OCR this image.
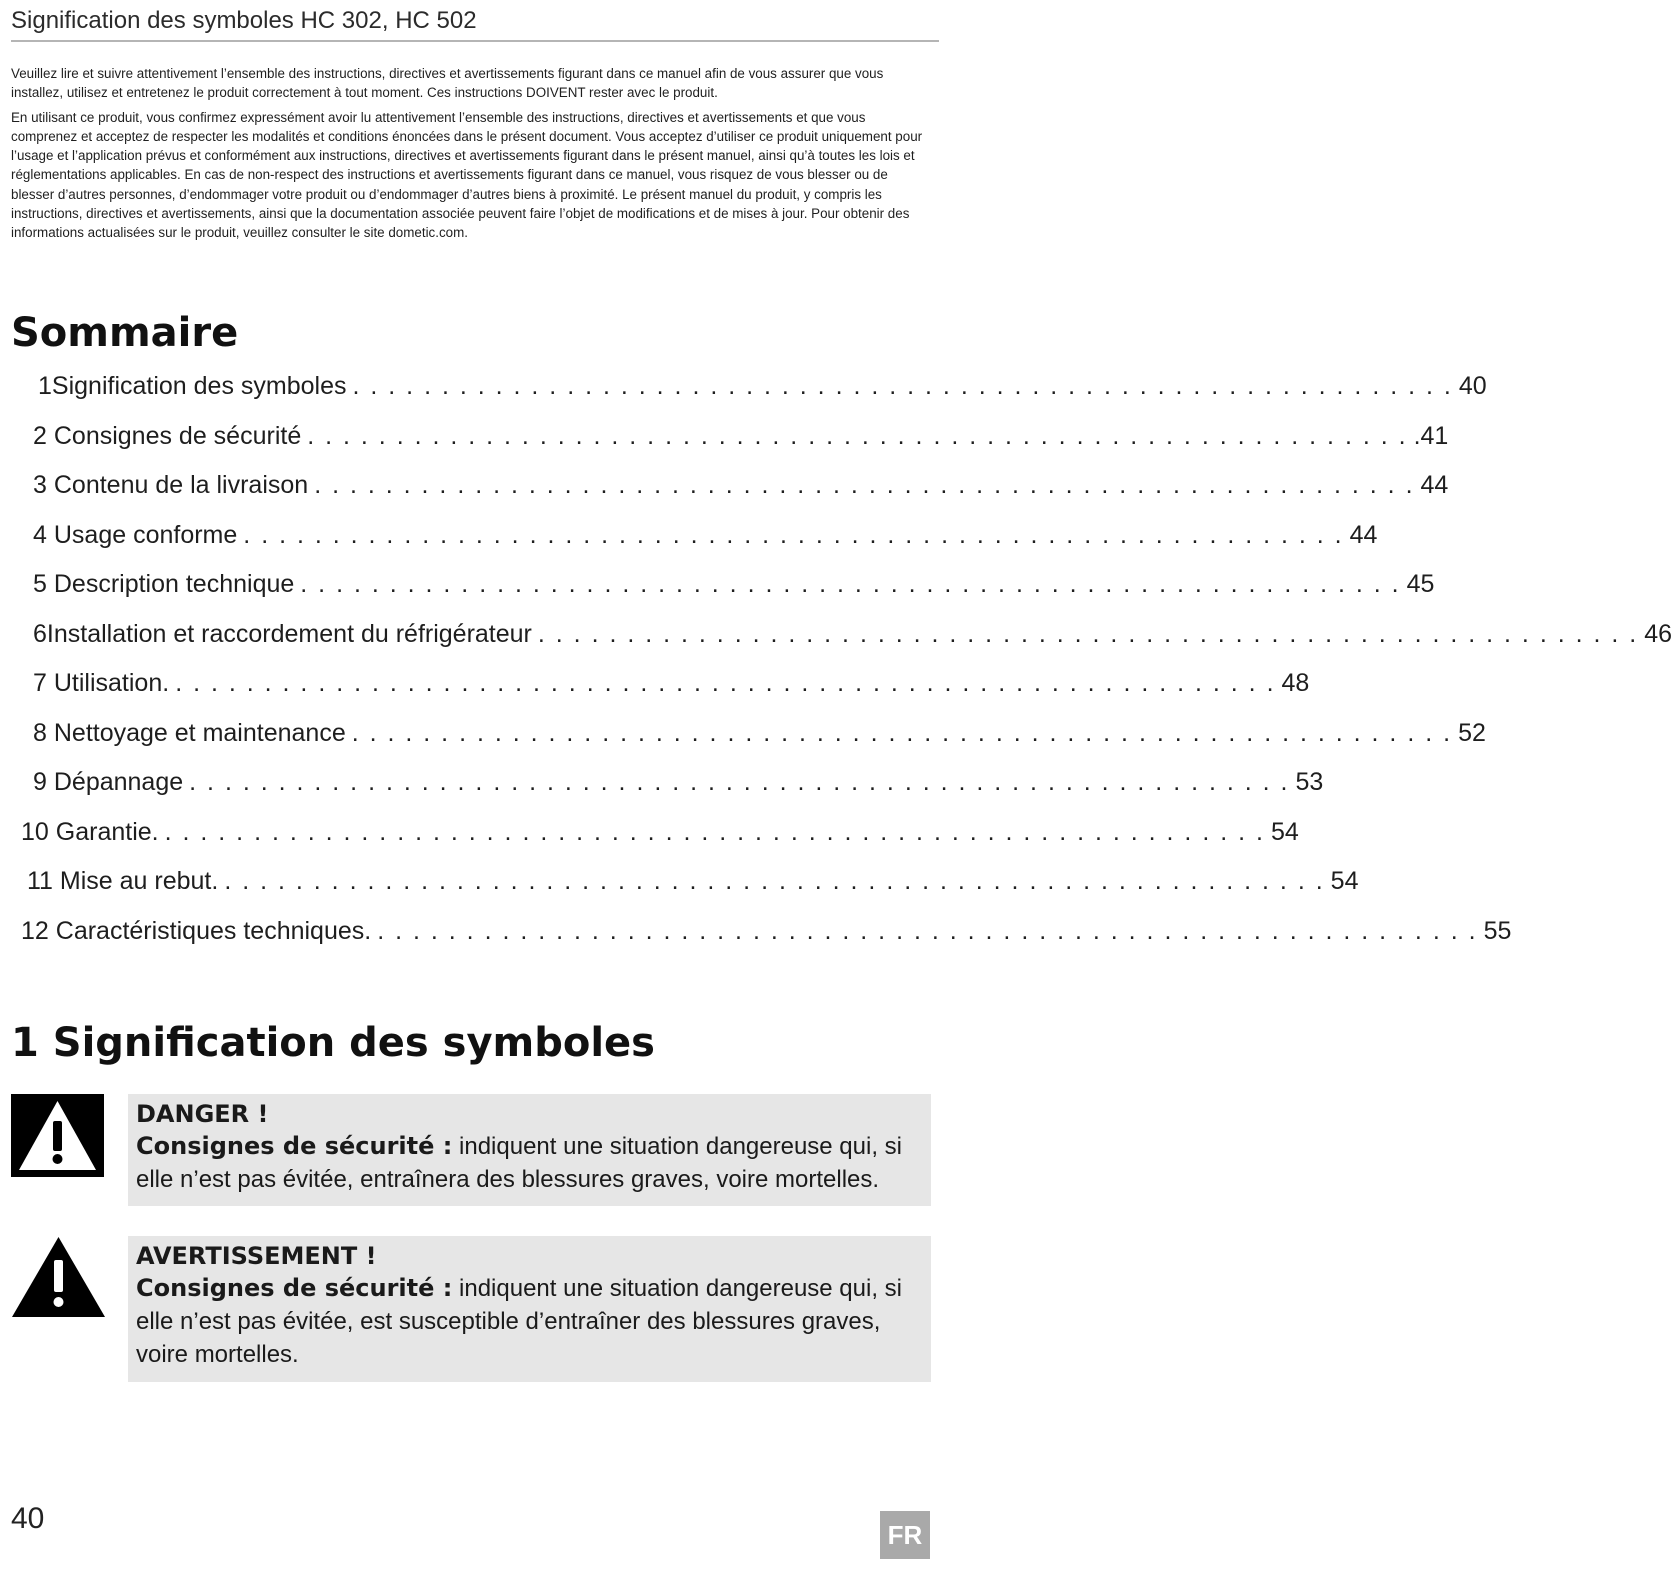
Signification des symboles HC 302, HC 502

Veuillez lire et suivre attentivement l’ensemble des instructions, directives et avertissements figurant dans ce manuel afin de vous assurer que vous installez, utilisez et entretenez le produit correctement à tout moment. Ces instructions DOIVENT rester avec le produit.

En utilisant ce produit, vous confirmez expressément avoir lu attentivement l’ensemble des instructions, directives et avertissements et que vous comprenez et acceptez de respecter les modalités et conditions énoncées dans le présent document. Vous acceptez d’utiliser ce produit uniquement pour l’usage et l’application prévus et conformément aux instructions, directives et avertissements figurant dans le présent manuel, ainsi qu’à toutes les lois et réglementations applicables. En cas de non-respect des instructions et avertissements figurant dans ce manuel, vous risquez de vous blesser ou de blesser d’autres personnes, d’endommager votre produit ou d’endommager d’autres biens à proximité. Le présent manuel du produit, y compris les instructions, directives et avertissements, ainsi que la documentation associée peuvent faire l’objet de modifications et de mises à jour. Pour obtenir des informations actualisées sur le produit, veuillez consulter le site dometic.com.

Sommaire
1 Signification des symboles . . . . . . . . . . . . . . . . . . . . . . . . . . . . . . . . . . . . . . . . . . . . . . . . . . . . . . . . . . . . . . 40
2
Consignes de sécurité . . . . . . . . . . . . . . . . . . . . . . . . . . . . . . . . . . . . . . . . . . . . . . . . . . . . . . . . . . . . . . .41
3
Contenu de la livraison . . . . . . . . . . . . . . . . . . . . . . . . . . . . . . . . . . . . . . . . . . . . . . . . . . . . . . . . . . . . . . 44
4
Usage conforme . . . . . . . . . . . . . . . . . . . . . . . . . . . . . . . . . . . . . . . . . . . . . . . . . . . . . . . . . . . . . . 44
5
Description technique . . . . . . . . . . . . . . . . . . . . . . . . . . . . . . . . . . . . . . . . . . . . . . . . . . . . . . . . . . . . . . 45
6 Installation et raccordement du réfrigérateur . . . . . . . . . . . . . . . . . . . . . . . . . . . . . . . . . . . . . . . . . . . . . . . . . . . . . . . . . . . . . . 46
7
Utilisation. . . . . . . . . . . . . . . . . . . . . . . . . . . . . . . . . . . . . . . . . . . . . . . . . . . . . . . . . . . . . . . 48
8
Nettoyage et maintenance . . . . . . . . . . . . . . . . . . . . . . . . . . . . . . . . . . . . . . . . . . . . . . . . . . . . . . . . . . . . . . 52
9
Dépannage . . . . . . . . . . . . . . . . . . . . . . . . . . . . . . . . . . . . . . . . . . . . . . . . . . . . . . . . . . . . . . 53
10
Garantie. . . . . . . . . . . . . . . . . . . . . . . . . . . . . . . . . . . . . . . . . . . . . . . . . . . . . . . . . . . . . . . 54
11
Mise au rebut. . . . . . . . . . . . . . . . . . . . . . . . . . . . . . . . . . . . . . . . . . . . . . . . . . . . . . . . . . . . . . . 54
12
Caractéristiques techniques. . . . . . . . . . . . . . . . . . . . . . . . . . . . . . . . . . . . . . . . . . . . . . . . . . . . . . . . . . . . . . . 55
1 Signification des symboles
DANGER !
Consignes de sécurité : indiquent une situation dangereuse qui, si elle n’est pas évitée, entraînera des blessures graves, voire mortelles.
AVERTISSEMENT !
Consignes de sécurité : indiquent une situation dangereuse qui, si elle n’est pas évitée, est susceptible d’entraîner des blessures graves, voire mortelles.
40	FR
